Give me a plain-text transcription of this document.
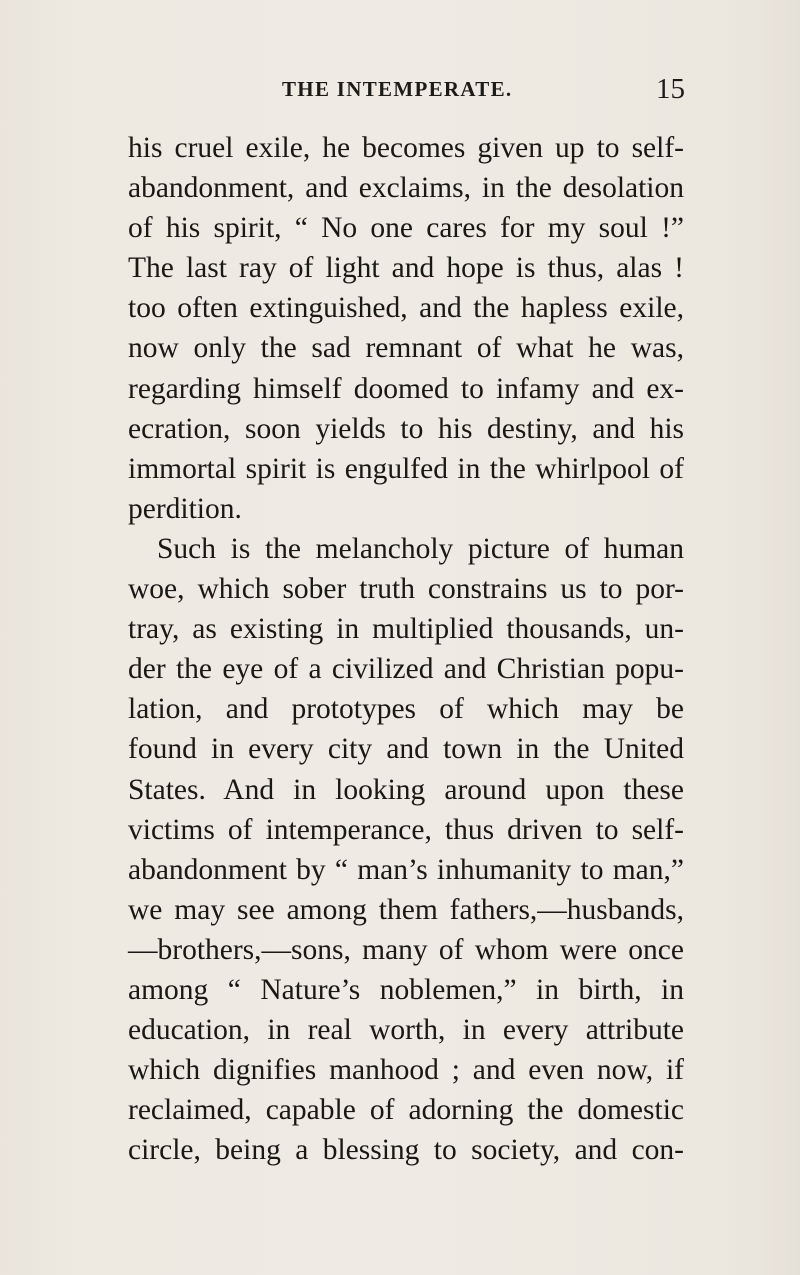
THE INTEMPERATE.	15
his cruel exile, he becomes given up to self-
abandonment, and exclaims, in the desolation
of his spirit, “ No one cares for my soul !”
The last ray of light and hope is thus, alas !
too often extinguished, and the hapless exile,
now only the sad remnant of what he was,
regarding himself doomed to infamy and ex-
ecration, soon yields to his destiny, and his
immortal spirit is engulfed in the whirlpool of
perdition.
Such is the melancholy picture of human
woe, which sober truth constrains us to por-
tray, as existing in multiplied thousands, un-
der the eye of a civilized and Christian popu-
lation, and prototypes of which may be
found in every city and town in the United
States. And in looking around upon these
victims of intemperance, thus driven to self-
abandonment by “ man’s inhumanity to man,”
we may see among them fathers,—husbands,
—brothers,—sons, many of whom were once
among “ Nature’s noblemen,” in birth, in
education, in real worth, in every attribute
which dignifies manhood ; and even now, if
reclaimed, capable of adorning the domestic
circle, being a blessing to society, and con-
